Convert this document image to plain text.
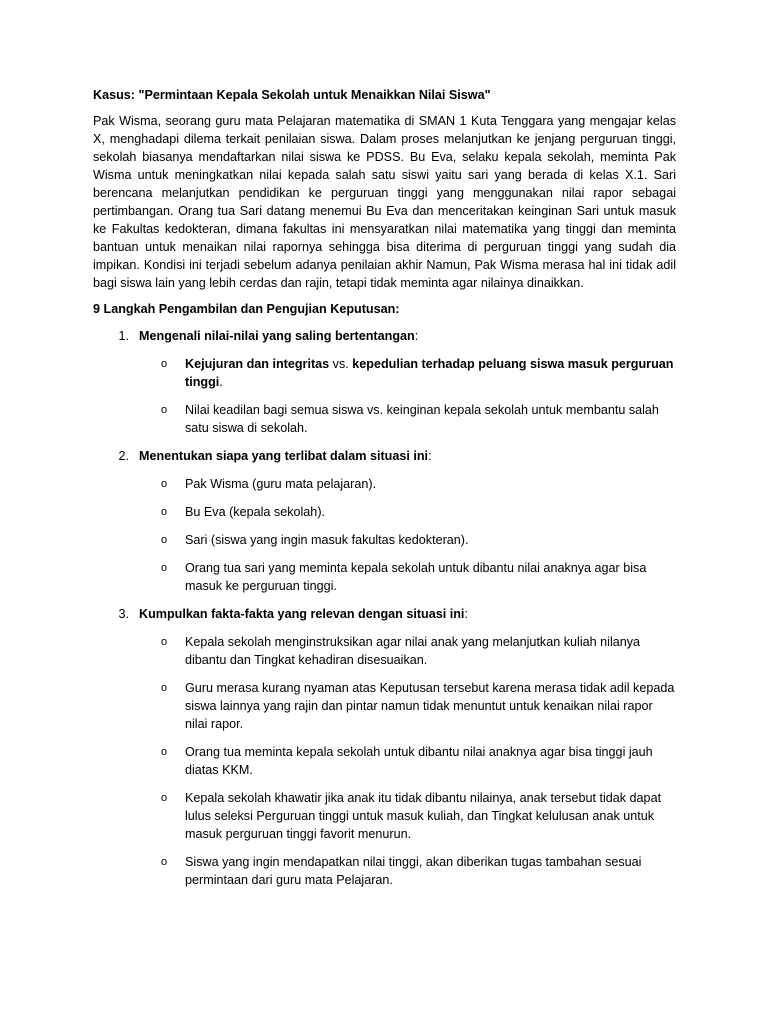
Kasus: "Permintaan Kepala Sekolah untuk Menaikkan Nilai Siswa"

Pak Wisma, seorang guru mata Pelajaran matematika di SMAN 1 Kuta Tenggara yang mengajar kelas X, menghadapi dilema terkait penilaian siswa. Dalam proses melanjutkan ke jenjang perguruan tinggi, sekolah biasanya mendaftarkan nilai siswa ke PDSS. Bu Eva, selaku kepala sekolah, meminta Pak Wisma untuk meningkatkan nilai kepada salah satu siswi yaitu sari yang berada di kelas X.1. Sari berencana melanjutkan pendidikan ke perguruan tinggi yang menggunakan nilai rapor sebagai pertimbangan. Orang tua Sari datang menemui Bu Eva dan menceritakan keinginan Sari untuk masuk ke Fakultas kedokteran, dimana fakultas ini mensyaratkan nilai matematika yang tinggi dan meminta bantuan untuk menaikan nilai rapornya sehingga bisa diterima di perguruan tinggi yang sudah dia impikan. Kondisi ini terjadi sebelum adanya penilaian akhir Namun, Pak Wisma merasa hal ini tidak adil bagi siswa lain yang lebih cerdas dan rajin, tetapi tidak meminta agar nilainya dinaikkan.

9 Langkah Pengambilan dan Pengujian Keputusan:

1. Mengenali nilai-nilai yang saling bertentangan:
o	Kejujuran dan integritas vs. kepedulian terhadap peluang siswa masuk perguruan tinggi.
o	Nilai keadilan bagi semua siswa vs. keinginan kepala sekolah untuk membantu salah satu siswa di sekolah.
2. Menentukan siapa yang terlibat dalam situasi ini:
o	Pak Wisma (guru mata pelajaran).
o	Bu Eva (kepala sekolah).
o	Sari (siswa yang ingin masuk fakultas kedokteran).
o	Orang tua sari yang meminta kepala sekolah untuk dibantu nilai anaknya agar bisa masuk ke perguruan tinggi.
3. Kumpulkan fakta-fakta yang relevan dengan situasi ini:
o	Kepala sekolah menginstruksikan agar nilai anak yang melanjutkan kuliah nilanya dibantu dan Tingkat kehadiran disesuaikan.
o	Guru merasa kurang nyaman atas Keputusan tersebut karena merasa tidak adil kepada siswa lainnya yang rajin dan pintar namun tidak menuntut untuk kenaikan nilai rapor nilai rapor.
o	Orang tua meminta kepala sekolah untuk dibantu nilai anaknya agar bisa tinggi jauh diatas KKM.
o	Kepala sekolah khawatir jika anak itu tidak dibantu nilainya, anak tersebut tidak dapat lulus seleksi Perguruan tinggi untuk masuk kuliah, dan Tingkat kelulusan anak untuk masuk perguruan tinggi favorit menurun.
o	Siswa yang ingin mendapatkan nilai tinggi, akan diberikan tugas tambahan sesuai permintaan dari guru mata Pelajaran.
